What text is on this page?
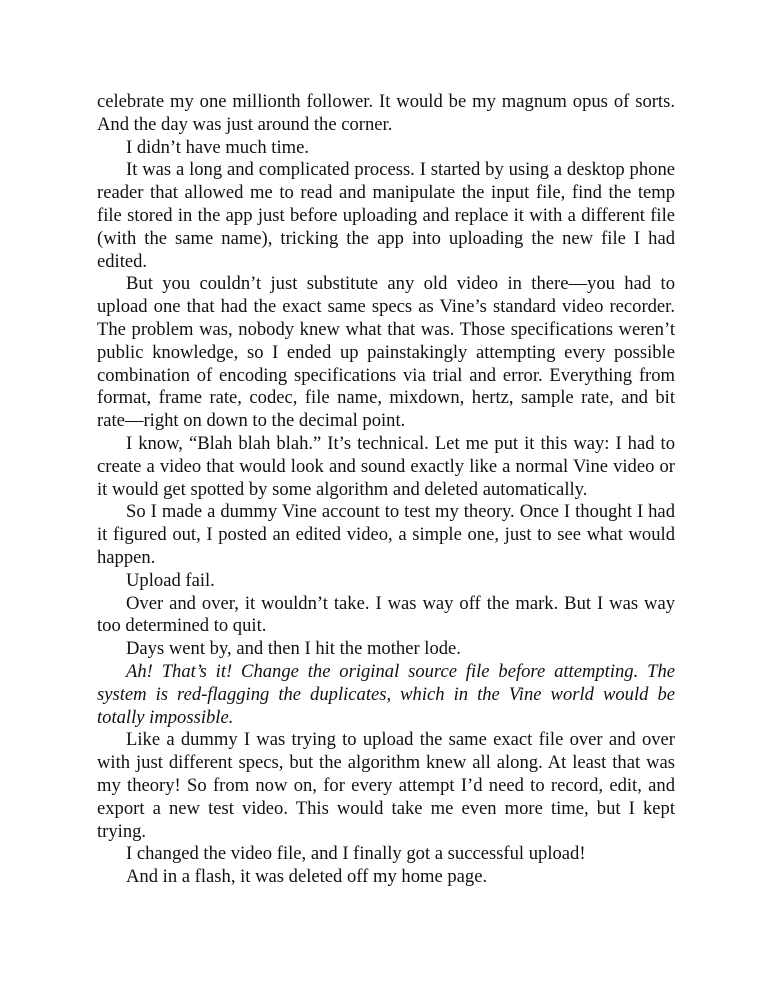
celebrate my one millionth follower. It would be my magnum opus of sorts. And the day was just around the corner.

I didn’t have much time.

It was a long and complicated process. I started by using a desktop phone reader that allowed me to read and manipulate the input file, find the temp file stored in the app just before uploading and replace it with a different file (with the same name), tricking the app into uploading the new file I had edited.

But you couldn’t just substitute any old video in there—you had to upload one that had the exact same specs as Vine’s standard video recorder. The problem was, nobody knew what that was. Those specifications weren’t public knowledge, so I ended up painstakingly attempting every possible combination of encoding specifications via trial and error. Everything from format, frame rate, codec, file name, mixdown, hertz, sample rate, and bit rate—right on down to the decimal point.

I know, “Blah blah blah.” It’s technical. Let me put it this way: I had to create a video that would look and sound exactly like a normal Vine video or it would get spotted by some algorithm and deleted automatically.

So I made a dummy Vine account to test my theory. Once I thought I had it figured out, I posted an edited video, a simple one, just to see what would happen.

Upload fail.

Over and over, it wouldn’t take. I was way off the mark. But I was way too determined to quit.

Days went by, and then I hit the mother lode.

Ah! That’s it! Change the original source file before attempting. The system is red-flagging the duplicates, which in the Vine world would be totally impossible.

Like a dummy I was trying to upload the same exact file over and over with just different specs, but the algorithm knew all along. At least that was my theory! So from now on, for every attempt I’d need to record, edit, and export a new test video. This would take me even more time, but I kept trying.

I changed the video file, and I finally got a successful upload!

And in a flash, it was deleted off my home page.
